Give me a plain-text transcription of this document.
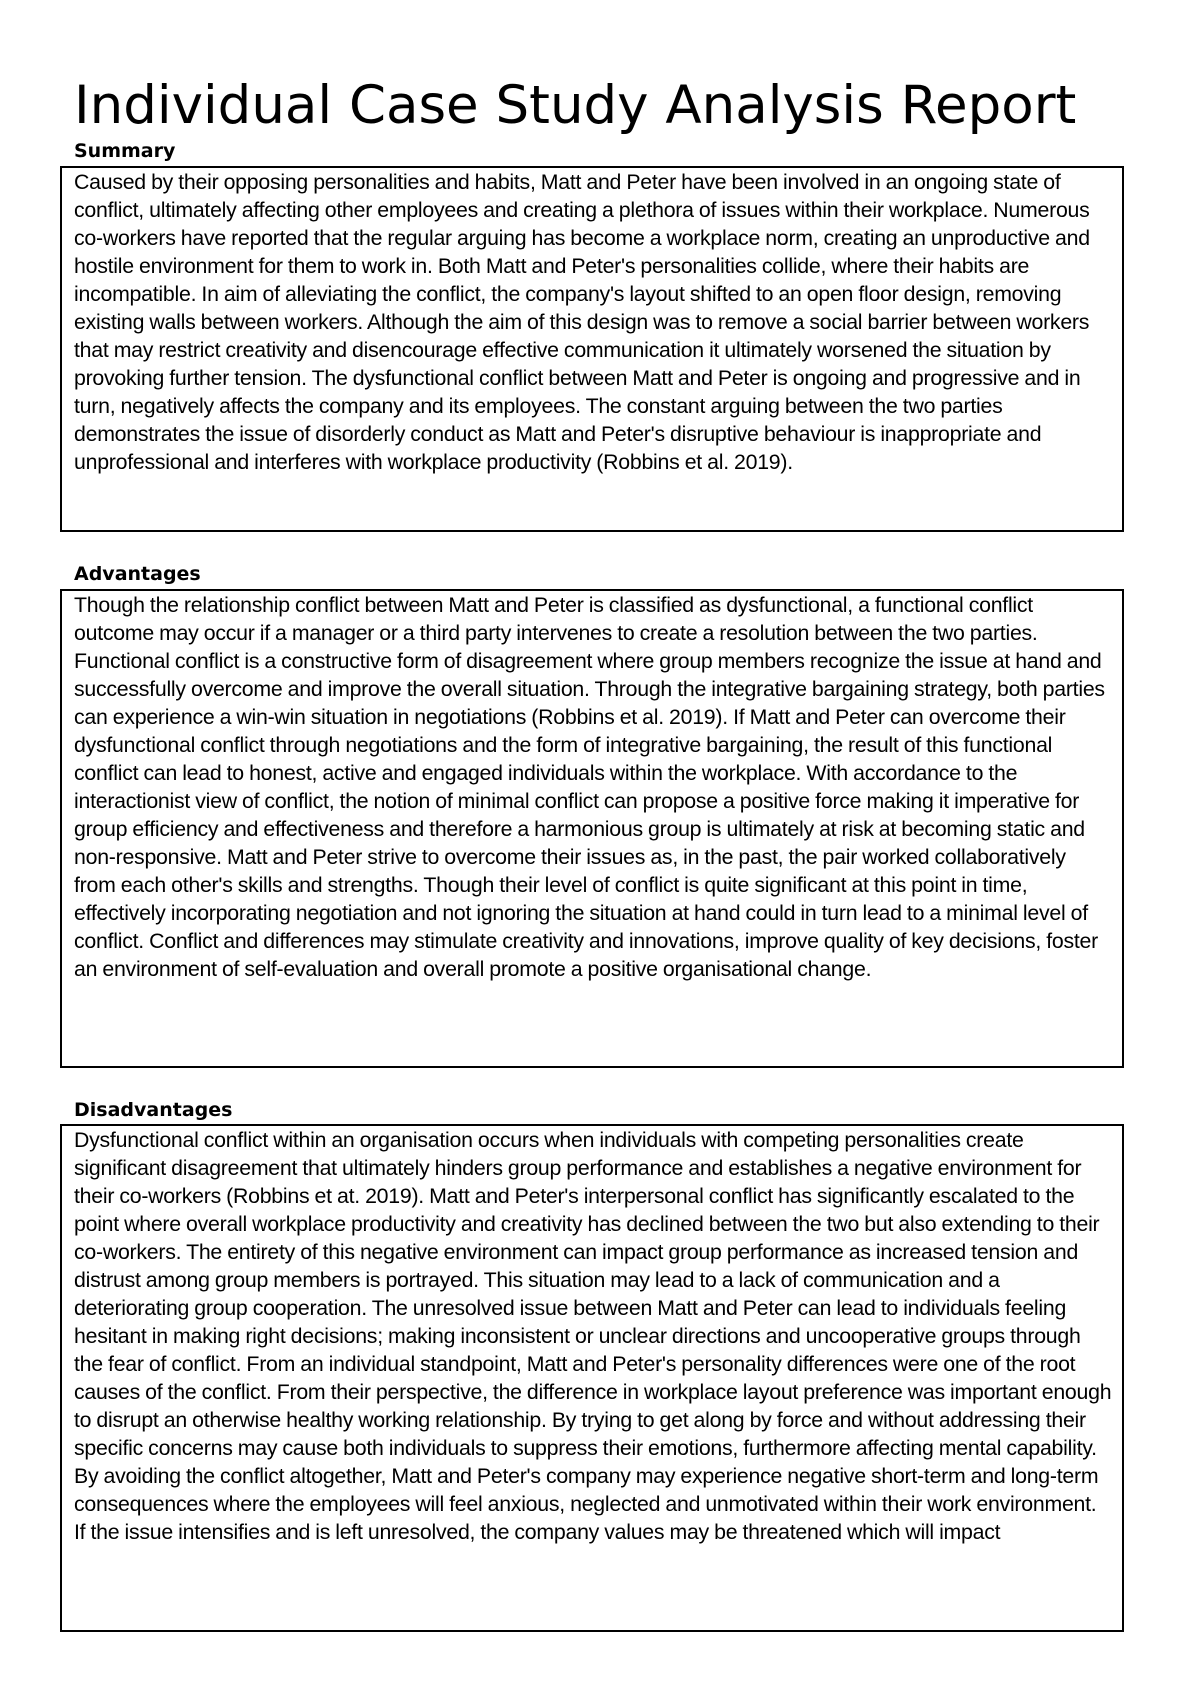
Individual Case Study Analysis Report
Summary

Caused by their opposing personalities and habits, Matt and Peter have been involved in an ongoing state of conflict, ultimately affecting other employees and creating a plethora of issues within their workplace. Numerous co-workers have reported that the regular arguing has become a workplace norm, creating an unproductive and hostile environment for them to work in. Both Matt and Peter's personalities collide, where their habits are incompatible. In aim of alleviating the conflict, the company's layout shifted to an open floor design, removing existing walls between workers. Although the aim of this design was to remove a social barrier between workers that may restrict creativity and disencourage effective communication it ultimately worsened the situation by provoking further tension. The dysfunctional conflict between Matt and Peter is ongoing and progressive and in turn, negatively affects the company and its employees. The constant arguing between the two parties demonstrates the issue of disorderly conduct as Matt and Peter's disruptive behaviour is inappropriate and unprofessional and interferes with workplace productivity (Robbins et al. 2019).

Advantages

Though the relationship conflict between Matt and Peter is classified as dysfunctional, a functional conflict outcome may occur if a manager or a third party intervenes to create a resolution between the two parties. Functional conflict is a constructive form of disagreement where group members recognize the issue at hand and successfully overcome and improve the overall situation. Through the integrative bargaining strategy, both parties can experience a win-win situation in negotiations (Robbins et al. 2019). If Matt and Peter can overcome their dysfunctional conflict through negotiations and the form of integrative bargaining, the result of this functional conflict can lead to honest, active and engaged individuals within the workplace. With accordance to the interactionist view of conflict, the notion of minimal conflict can propose a positive force making it imperative for group efficiency and effectiveness and therefore a harmonious group is ultimately at risk at becoming static and non-responsive. Matt and Peter strive to overcome their issues as, in the past, the pair worked collaboratively from each other's skills and strengths. Though their level of conflict is quite significant at this point in time, effectively incorporating negotiation and not ignoring the situation at hand could in turn lead to a minimal level of conflict. Conflict and differences may stimulate creativity and innovations, improve quality of key decisions, foster an environment of self-evaluation and overall promote a positive organisational change.

Disadvantages

Dysfunctional conflict within an organisation occurs when individuals with competing personalities create significant disagreement that ultimately hinders group performance and establishes a negative environment for their co-workers (Robbins et at. 2019). Matt and Peter's interpersonal conflict has significantly escalated to the point where overall workplace productivity and creativity has declined between the two but also extending to their co-workers. The entirety of this negative environment can impact group performance as increased tension and distrust among group members is portrayed. This situation may lead to a lack of communication and a deteriorating group cooperation. The unresolved issue between Matt and Peter can lead to individuals feeling hesitant in making right decisions; making inconsistent or unclear directions and uncooperative groups through the fear of conflict. From an individual standpoint, Matt and Peter's personality differences were one of the root causes of the conflict. From their perspective, the difference in workplace layout preference was important enough to disrupt an otherwise healthy working relationship. By trying to get along by force and without addressing their specific concerns may cause both individuals to suppress their emotions, furthermore affecting mental capability. By avoiding the conflict altogether, Matt and Peter's company may experience negative short-term and long-term consequences where the employees will feel anxious, neglected and unmotivated within their work environment. If the issue intensifies and is left unresolved, the company values may be threatened which will impact
